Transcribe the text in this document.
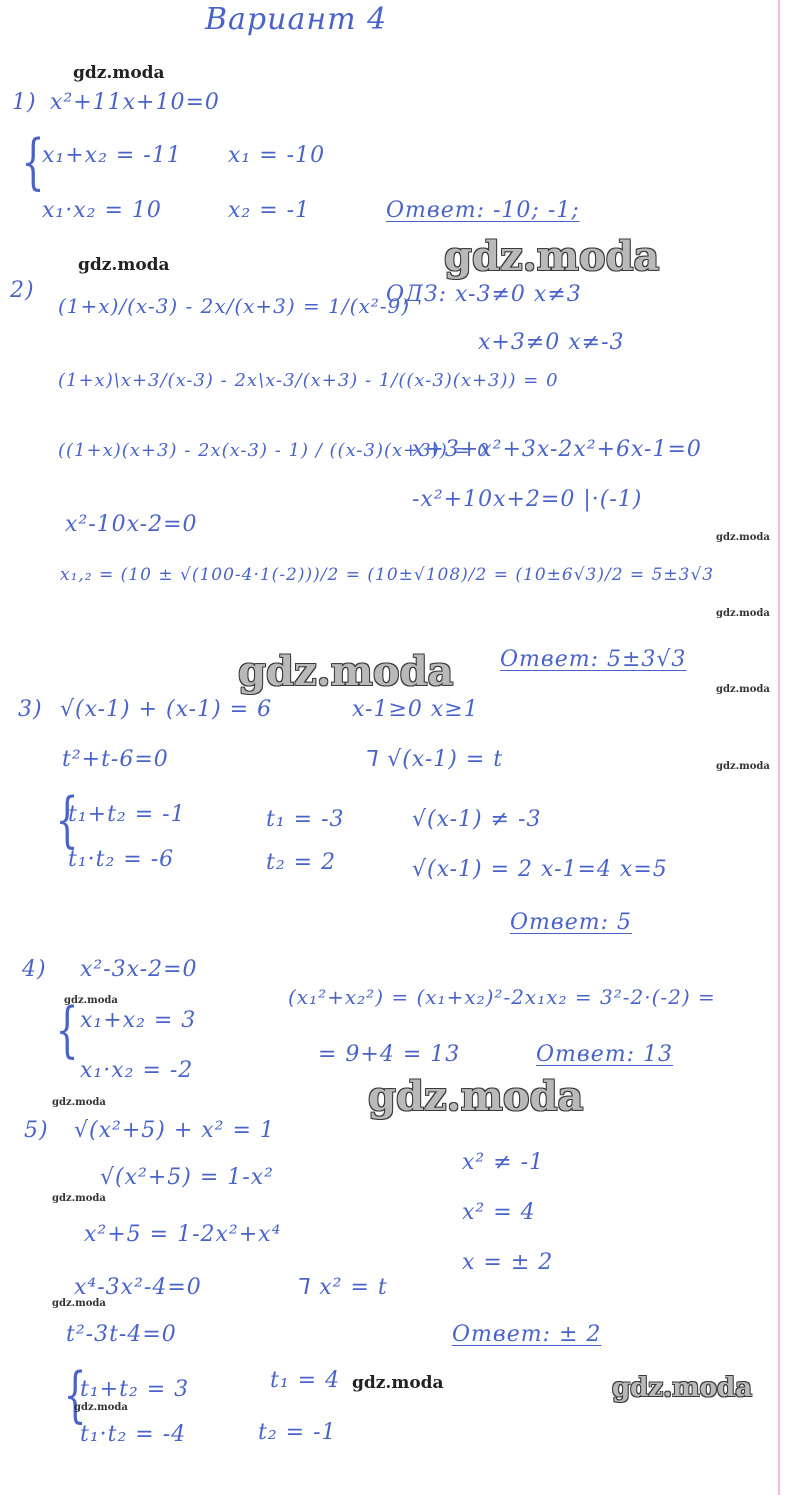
Вариант 4
gdz.moda
1) x²+11x+10=0
{
x₁+x₂ = -11
x₁·x₂ = 10
x₁ = -10
x₂ = -1	Ответ: -10; -1;
gdz.moda
gdz.moda
2)
(1+x)/(x-3) - 2x/(x+3) = 1/(x²-9)
ОДЗ: x-3≠0 x≠3
x+3≠0 x≠-3
(1+x)\x+3/(x-3) - 2x\x-3/(x+3) - 1/((x-3)(x+3)) = 0
((1+x)(x+3) - 2x(x-3) - 1) / ((x-3)(x+3)) = 0
x+3+x²+3x-2x²+6x-1=0
-x²+10x+2=0 |·(-1)
x²-10x-2=0
gdz.moda
x₁,₂ = (10 ± √(100-4·1(-2)))/2 = (10±√108)/2 = (10±6√3)/2 = 5±3√3
gdz.moda
Ответ: 5±3√3
gdz.moda	gdz.moda
3) √(x-1) + (x-1) = 6	x-1≥0 x≥1
t²+t-6=0	⅂ √(x-1) = t	gdz.moda
{
t₁+t₂ = -1
t₁·t₂ = -6
t₁ = -3
t₂ = 2
√(x-1) ≠ -3
√(x-1) = 2 x-1=4 x=5
Ответ: 5
4) x²-3x-2=0
gdz.moda
{ x₁+x₂ = 3
x₁·x₂ = -2
(x₁²+x₂²) = (x₁+x₂)²-2x₁x₂ = 3²-2·(-2) =
= 9+4 = 13	Ответ: 13
gdz.moda	gdz.moda
5) √(x²+5) + x² = 1
x² ≠ -1
√(x²+5) = 1-x²
gdz.moda
x² = 4
x²+5 = 1-2x²+x⁴
x = ± 2
x⁴-3x²-4=0	⅂ x² = t
gdz.moda
t²-3t-4=0	Ответ: ± 2
{
t₁+t₂ = 3
t₁·t₂ = -4
t₁ = 4
t₂ = -1
gdz.moda
gdz.moda
gdz.moda
